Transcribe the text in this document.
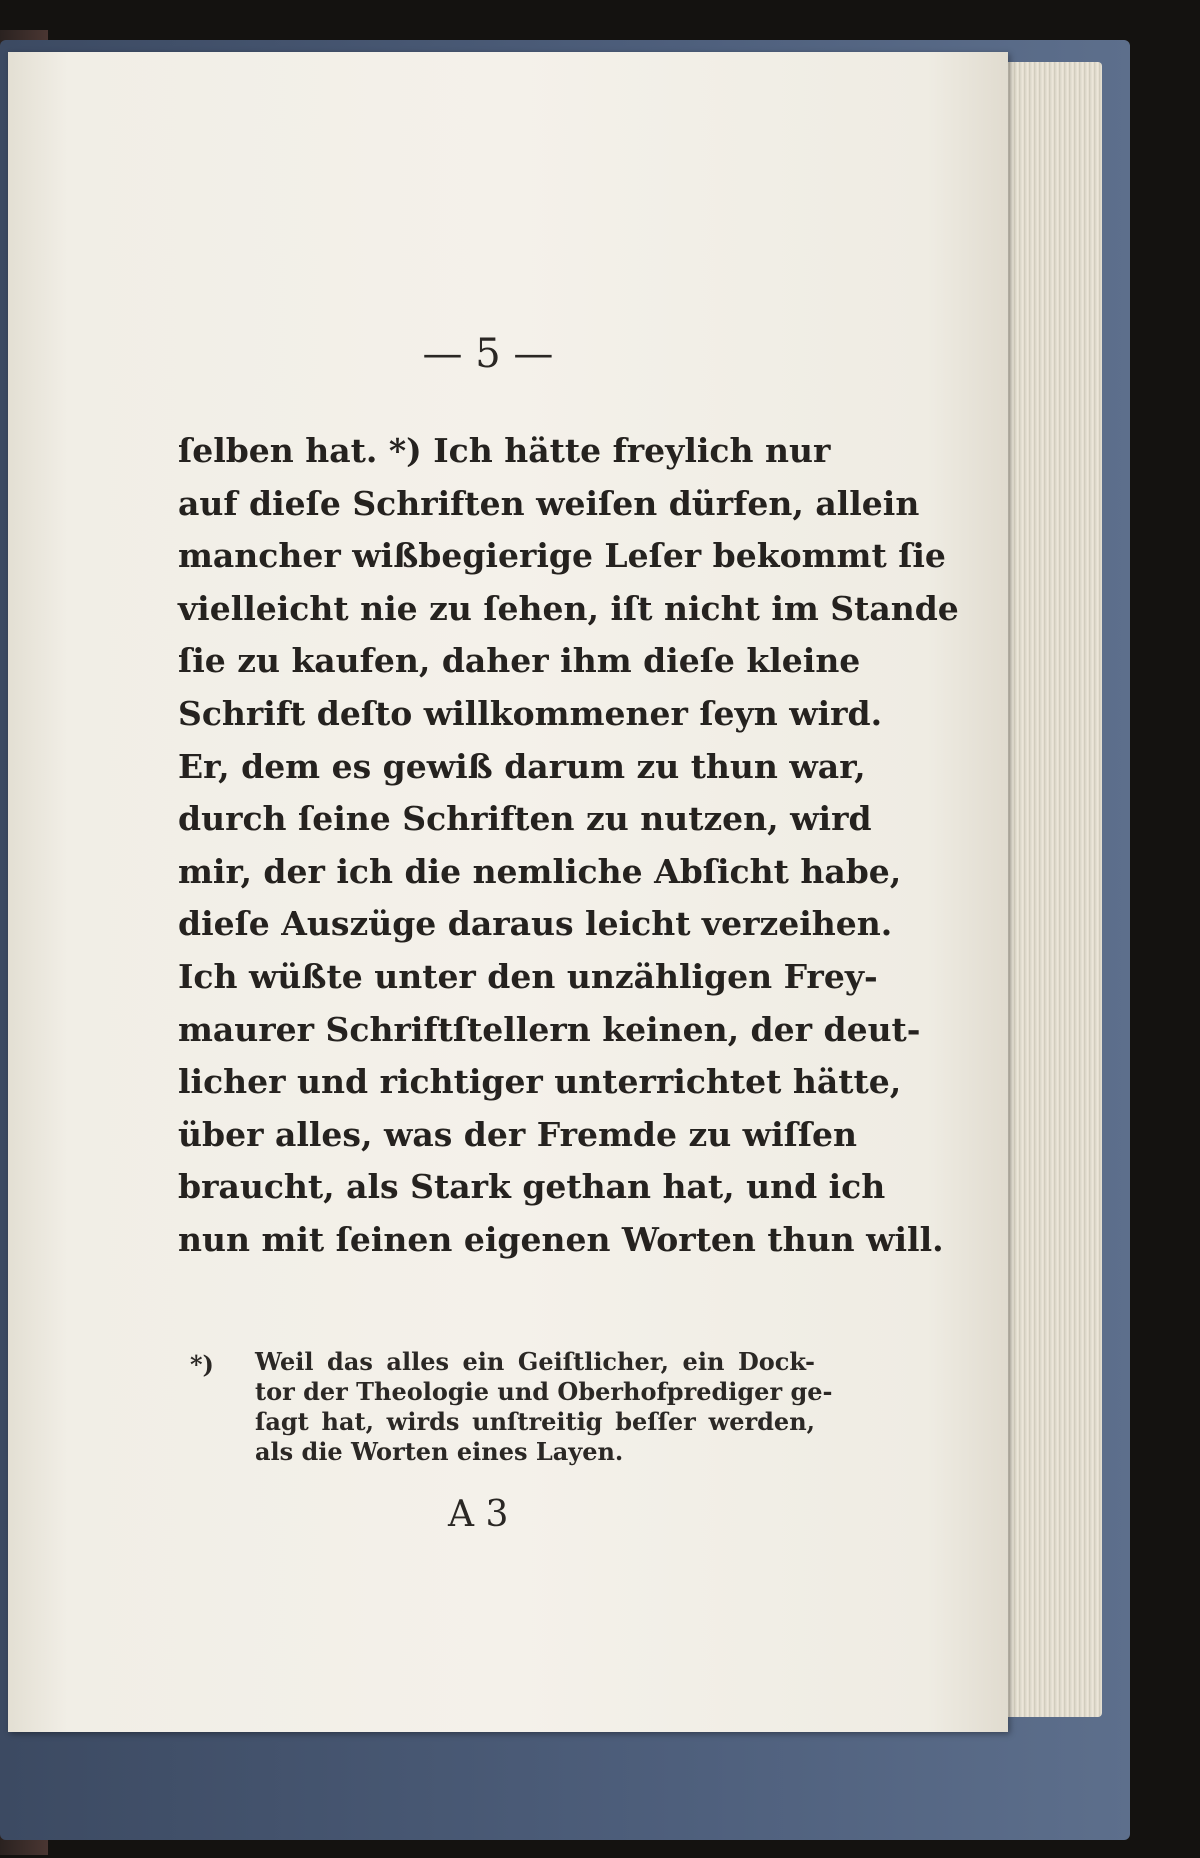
— 5 —
ſelben hat. *) Ich hätte freylich nur
auf dieſe Schriften weiſen dürfen, allein
mancher wißbegierige Leſer bekommt ſie
vielleicht nie zu ſehen, iſt nicht im Stande
ſie zu kaufen, daher ihm dieſe kleine
Schrift deſto willkommener ſeyn wird.
Er, dem es gewiß darum zu thun war,
durch ſeine Schriften zu nutzen, wird
mir, der ich die nemliche Abſicht habe,
dieſe Auszüge daraus leicht verzeihen.
Ich wüßte unter den unzähligen Frey-
maurer Schriftſtellern keinen, der deut-
licher und richtiger unterrichtet hätte,
über alles, was der Fremde zu wiſſen
braucht, als Stark gethan hat, und ich
nun mit ſeinen eigenen Worten thun will.
*)	Weil das alles ein Geiſtlicher, ein Dock-
tor der Theologie und Oberhofprediger ge-
ſagt hat, wirds unſtreitig beſſer werden,
als die Worten eines Layen.
A 3
